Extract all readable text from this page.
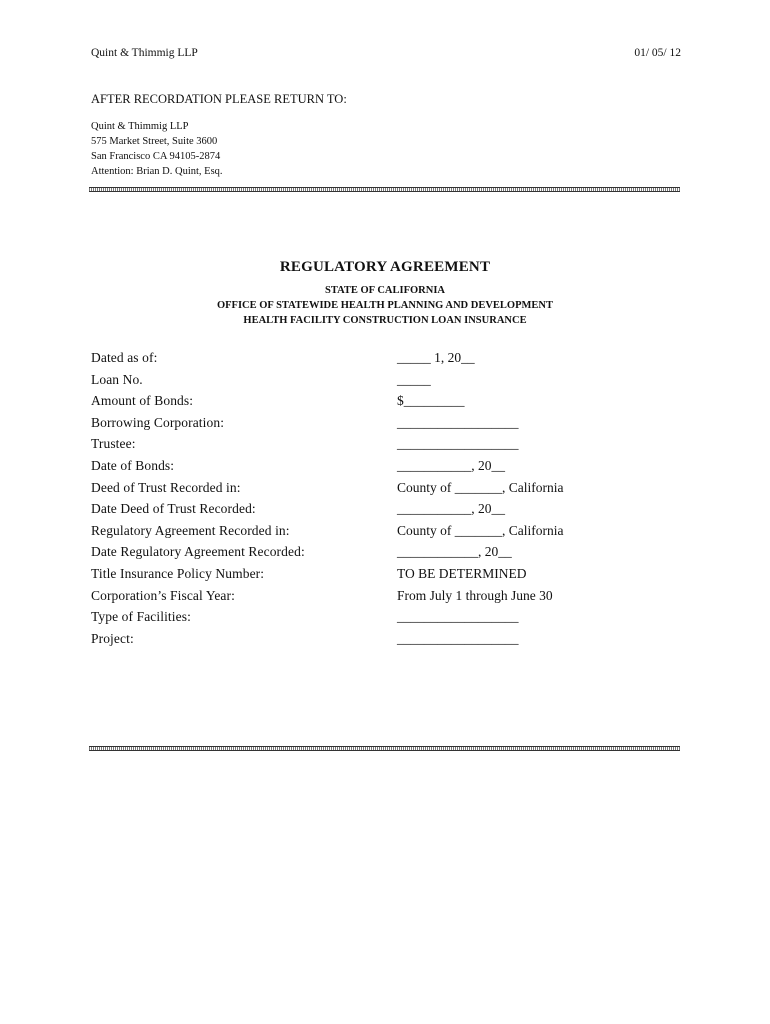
Quint & Thimmig LLP	01/ 05/ 12
AFTER RECORDATION PLEASE RETURN TO:
Quint & Thimmig LLP
575 Market Street, Suite 3600
San Francisco CA 94105-2874
Attention: Brian D. Quint, Esq.
REGULATORY AGREEMENT
STATE OF CALIFORNIA
OFFICE OF STATEWIDE HEALTH PLANNING AND DEVELOPMENT
HEALTH FACILITY CONSTRUCTION LOAN INSURANCE
Dated as of:	_____ 1, 20__
Loan No.	_____
Amount of Bonds:	$_________
Borrowing Corporation:	__________________
Trustee:	__________________
Date of Bonds:	___________, 20__
Deed of Trust Recorded in:	County of _______, California
Date Deed of Trust Recorded:	___________, 20__
Regulatory Agreement Recorded in:	County of _______, California
Date Regulatory Agreement Recorded:	____________, 20__
Title Insurance Policy Number:	TO BE DETERMINED
Corporation’s Fiscal Year:	From July 1 through June 30
Type of Facilities:	__________________
Project:	__________________
